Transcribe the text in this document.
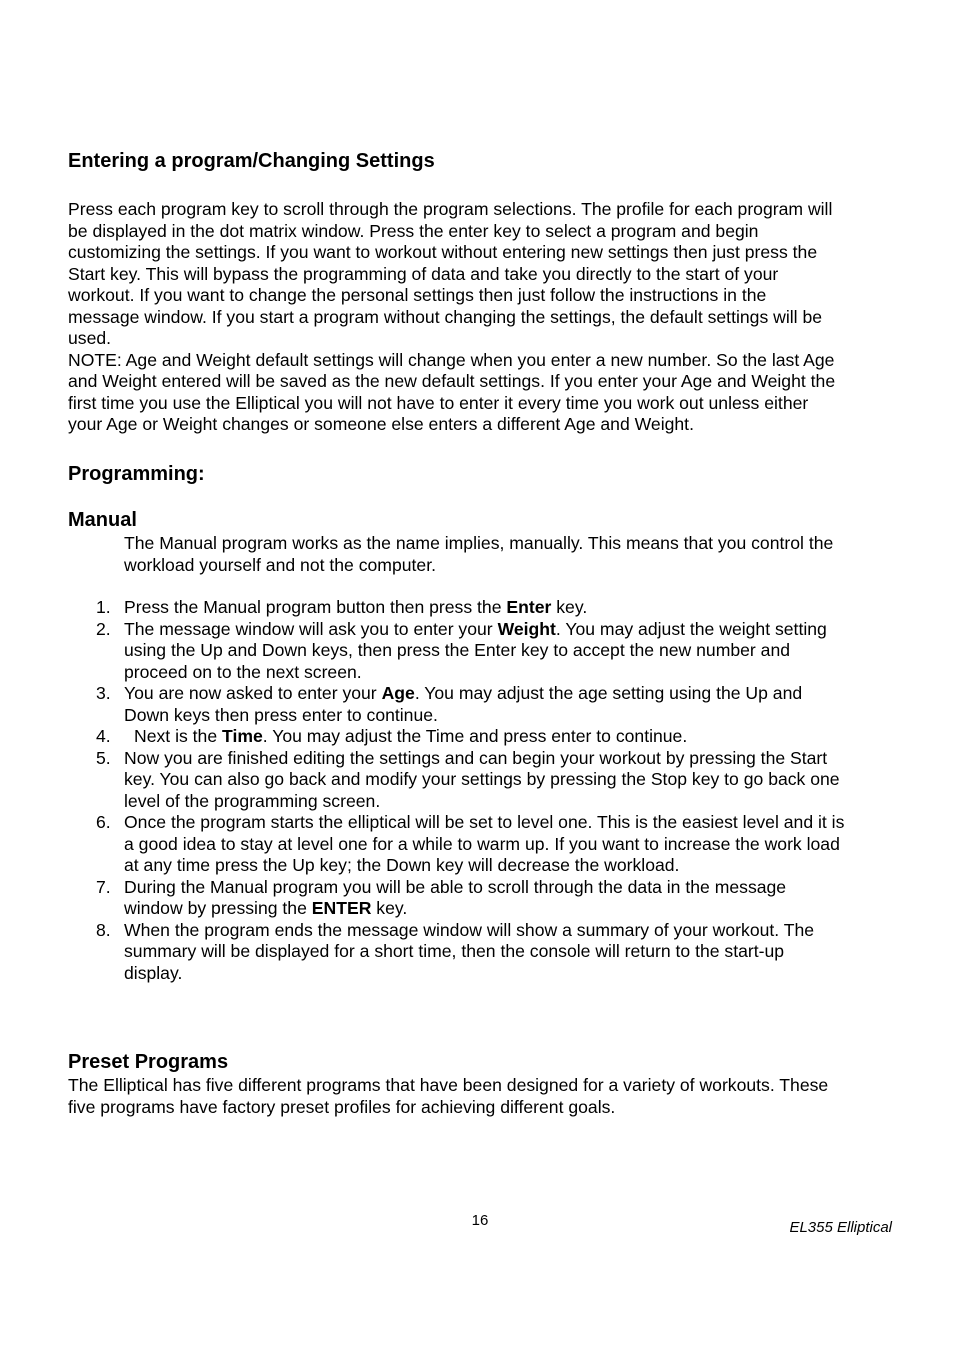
Entering a program/Changing Settings

Press each program key to scroll through the program selections. The profile for each program will
be displayed in the dot matrix window. Press the enter key to select a program and begin
customizing the settings. If you want to workout without entering new settings then just press the
Start key. This will bypass the programming of data and take you directly to the start of your
workout. If you want to change the personal settings then just follow the instructions in the
message window. If you start a program without changing the settings, the default settings will be
used.
NOTE: Age and Weight default settings will change when you enter a new number. So the last Age
and Weight entered will be saved as the new default settings. If you enter your Age and Weight the
first time you use the Elliptical you will not have to enter it every time you work out unless either
your Age or Weight changes or someone else enters a different Age and Weight.

Programming:
Manual

The Manual program works as the name implies, manually. This means that you control the
workload yourself and not the computer.

1. Press the Manual program button then press the Enter key.
2. The message window will ask you to enter your Weight. You may adjust the weight setting
using the Up and Down keys, then press the Enter key to accept the new number and
proceed on to the next screen.
3. You are now asked to enter your Age. You may adjust the age setting using the Up and
Down keys then press enter to continue.
4. Next is the Time. You may adjust the Time and press enter to continue.
5. Now you are finished editing the settings and can begin your workout by pressing the Start
key. You can also go back and modify your settings by pressing the Stop key to go back one
level of the programming screen.
6. Once the program starts the elliptical will be set to level one. This is the easiest level and it is
a good idea to stay at level one for a while to warm up. If you want to increase the work load
at any time press the Up key; the Down key will decrease the workload.
7. During the Manual program you will be able to scroll through the data in the message
window by pressing the ENTER key.
8. When the program ends the message window will show a summary of your workout. The
summary will be displayed for a short time, then the console will return to the start-up
display.
Preset Programs

The Elliptical has five different programs that have been designed for a variety of workouts. These
five programs have factory preset profiles for achieving different goals.

16	EL355 Elliptical
